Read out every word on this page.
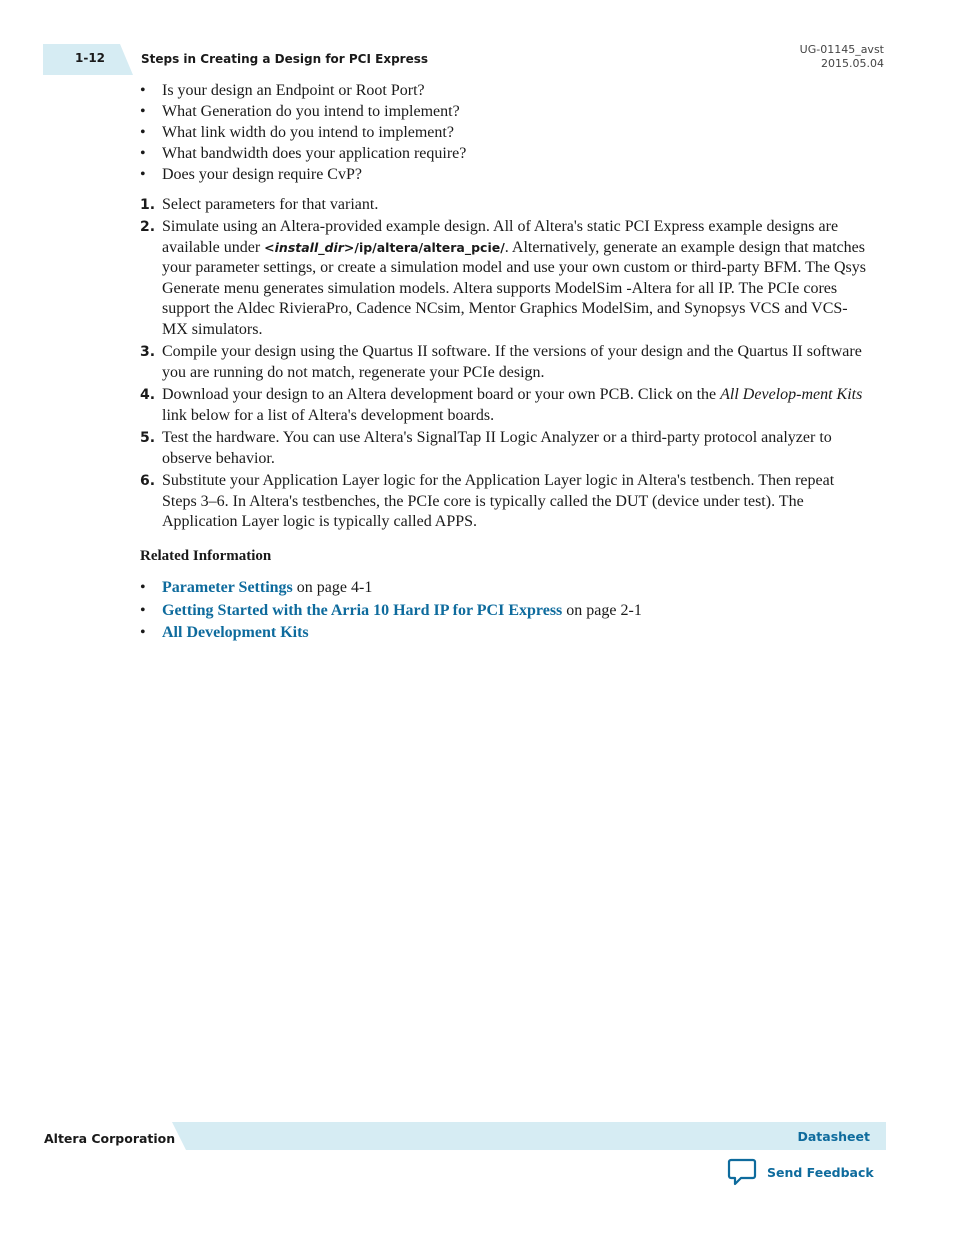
1-12	Steps in Creating a Design for PCI Express
UG-01145_avst
2015.05.04
• Is your design an Endpoint or Root Port?
• What Generation do you intend to implement?
• What link width do you intend to implement?
• What bandwidth does your application require?
• Does your design require CvP?
1. Select parameters for that variant.
2. Simulate using an Altera-provided example design. All of Altera's static PCI Express example designs are available under <install_dir>/ip/altera/altera_pcie/. Alternatively, generate an example design that matches your parameter settings, or create a simulation model and use your own custom or third-party BFM. The Qsys Generate menu generates simulation models. Altera supports ModelSim -Altera for all IP. The PCIe cores support the Aldec RivieraPro, Cadence NCsim, Mentor Graphics ModelSim, and Synopsys VCS and VCS-MX simulators.
3. Compile your design using the Quartus II software. If the versions of your design and the Quartus II software you are running do not match, regenerate your PCIe design.
4. Download your design to an Altera development board or your own PCB. Click on the All Develop-ment Kits link below for a list of Altera's development boards.
5. Test the hardware. You can use Altera's SignalTap II Logic Analyzer or a third-party protocol analyzer to observe behavior.
6. Substitute your Application Layer logic for the Application Layer logic in Altera's testbench. Then repeat Steps 3–6. In Altera's testbenches, the PCIe core is typically called the DUT (device under test). The Application Layer logic is typically called APPS.
Related Information
• Parameter Settings on page 4-1
• Getting Started with the Arria 10 Hard IP for PCI Express on page 2-1
• All Development Kits
Altera Corporation	Datasheet
Send Feedback
